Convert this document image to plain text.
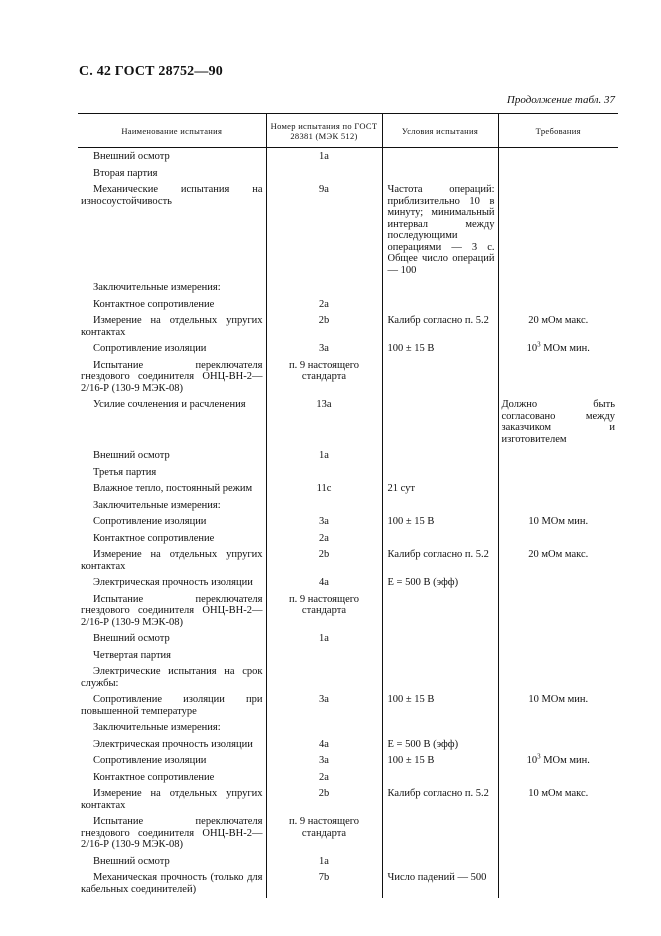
С. 42 ГОСТ 28752—90
Продолжение табл. 37
Наименование испытания	Номер испытания по ГОСТ 28381 (МЭК 512)	Условия испытания	Требования
Внешний осмотр	1а		
Вторая партия			
Механические испытания на износоустойчивость	9а	Частота операций: приблизительно 10 в минуту; минимальный интервал между последующими операциями — 3 с. Общее число операций — 100	
Заключительные измерения:			
Контактное сопротивление	2а		
Измерение на отдельных упругих контактах	2b	Калибр согласно п. 5.2	20 мОм макс.
Сопротивление изоляции	3а	100 ± 15 В	$10^3$ МОм мин.
Испытание переключателя гнездового соединителя ОНЦ-ВН-2—2/16-Р (130-9 МЭК-08)	п. 9 настоящего стандарта		
Усилие сочленения и расчленения	13а		Должно быть согласовано между заказчиком и изготовителем
Внешний осмотр	1а		
Третья партия			
Влажное тепло, постоянный режим	11с	21 сут	
Заключительные измерения:			
Сопротивление изоляции	3а	100 ± 15 В	10 МОм мин.
Контактное сопротивление	2а		
Измерение на отдельных упругих контактах	2b	Калибр согласно п. 5.2	20 мОм макс.
Электрическая прочность изоляции	4а	Е = 500 В (эфф)	
Испытание переключателя гнездового соединителя ОНЦ-ВН-2—2/16-Р (130-9 МЭК-08)	п. 9 настоящего стандарта		
Внешний осмотр	1а		
Четвертая партия			
Электрические испытания на срок службы:			
Сопротивление изоляции при повышенной температуре	3а	100 ± 15 В	10 МОм мин.
Заключительные измерения:			
Электрическая прочность изоляции	4а	Е = 500 В (эфф)	
Сопротивление изоляции	3а	100 ± 15 В	$10^3$ МОм мин.
Контактное сопротивление	2а		
Измерение на отдельных упругих контактах	2b	Калибр согласно п. 5.2	10 мОм макс.
Испытание переключателя гнездового соединителя ОНЦ-ВН-2—2/16-Р (130-9 МЭК-08)	п. 9 настоящего стандарта		
Внешний осмотр	1а		
Механическая прочность (только для кабельных соединителей)	7b	Число падений — 500	
